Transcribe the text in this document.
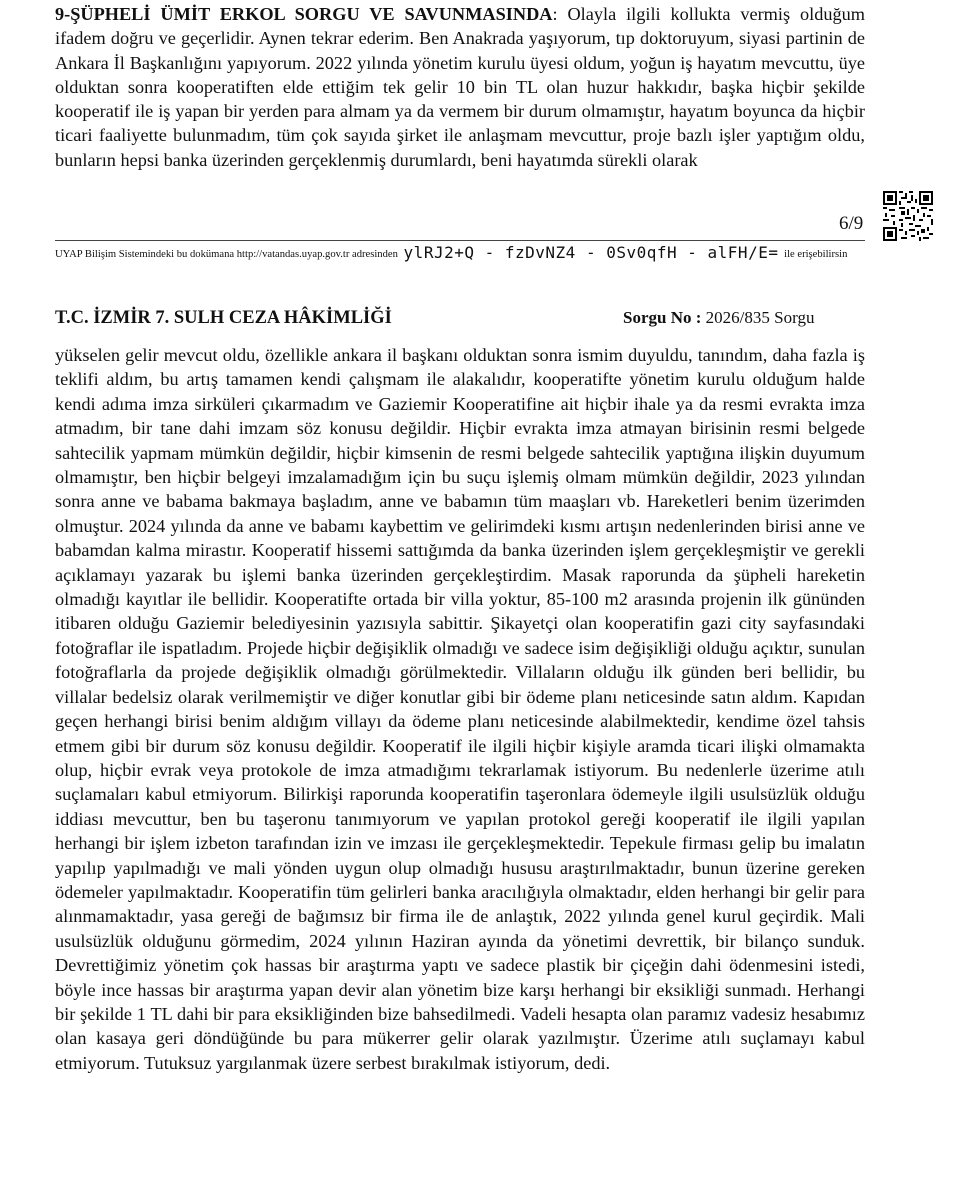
9-ŞÜPHELİ ÜMİT ERKOL SORGU VE SAVUNMASINDA: Olayla ilgili kollukta vermiş olduğum ifadem doğru ve geçerlidir. Aynen tekrar ederim. Ben Anakrada yaşıyorum, tıp doktoruyum, siyasi partinin de Ankara İl Başkanlığını yapıyorum. 2022 yılında yönetim kurulu üyesi oldum, yoğun iş hayatım mevcuttu, üye olduktan sonra kooperatiften elde ettiğim tek gelir 10 bin TL olan huzur hakkıdır, başka hiçbir şekilde kooperatif ile iş yapan bir yerden para almam ya da vermem bir durum olmamıştır, hayatım boyunca da hiçbir ticari faaliyette bulunmadım, tüm çok sayıda şirket ile anlaşmam mevcuttur, proje bazlı işler yaptığım oldu, bunların hepsi banka üzerinden gerçeklenmiş durumlardı, beni hayatımda sürekli olarak

6/9
UYAP Bilişim Sistemindeki bu dokümana http://vatandas.uyap.gov.tr adresinden ylRJ2+Q - fzDvNZ4 - 0Sv0qfH - alFH/E= ile erişebilirsin
T.C. İZMİR 7. SULH CEZA HÂKİMLİĞİ	Sorgu No : 2026/835 Sorgu

yükselen gelir mevcut oldu, özellikle ankara il başkanı olduktan sonra ismim duyuldu, tanındım, daha fazla iş teklifi aldım, bu artış tamamen kendi çalışmam ile alakalıdır, kooperatifte yönetim kurulu olduğum halde kendi adıma imza sirküleri çıkarmadım ve Gaziemir Kooperatifine ait hiçbir ihale ya da resmi evrakta imza atmadım, bir tane dahi imzam söz konusu değildir. Hiçbir evrakta imza atmayan birisinin resmi belgede sahtecilik yapmam mümkün değildir, hiçbir kimsenin de resmi belgede sahtecilik yaptığına ilişkin duyumum olmamıştır, ben hiçbir belgeyi imzalamadığım için bu suçu işlemiş olmam mümkün değildir, 2023 yılından sonra anne ve babama bakmaya başladım, anne ve babamın tüm maaşları vb. Hareketleri benim üzerimden olmuştur. 2024 yılında da anne ve babamı kaybettim ve gelirimdeki kısmı artışın nedenlerinden birisi anne ve babamdan kalma mirastır. Kooperatif hissemi sattığımda da banka üzerinden işlem gerçekleşmiştir ve gerekli açıklamayı yazarak bu işlemi banka üzerinden gerçekleştirdim. Masak raporunda da şüpheli hareketin olmadığı kayıtlar ile bellidir. Kooperatifte ortada bir villa yoktur, 85-100 m2 arasında projenin ilk gününden itibaren olduğu Gaziemir belediyesinin yazısıyla sabittir. Şikayetçi olan kooperatifin gazi city sayfasındaki fotoğraflar ile ispatladım. Projede hiçbir değişiklik olmadığı ve sadece isim değişikliği olduğu açıktır, sunulan fotoğraflarla da projede değişiklik olmadığı görülmektedir. Villaların olduğu ilk günden beri bellidir, bu villalar bedelsiz olarak verilmemiştir ve diğer konutlar gibi bir ödeme planı neticesinde satın aldım. Kapıdan geçen herhangi birisi benim aldığım villayı da ödeme planı neticesinde alabilmektedir, kendime özel tahsis etmem gibi bir durum söz konusu değildir. Kooperatif ile ilgili hiçbir kişiyle aramda ticari ilişki olmamakta olup, hiçbir evrak veya protokole de imza atmadığımı tekrarlamak istiyorum. Bu nedenlerle üzerime atılı suçlamaları kabul etmiyorum. Bilirkişi raporunda kooperatifin taşeronlara ödemeyle ilgili usulsüzlük olduğu iddiası mevcuttur, ben bu taşeronu tanımıyorum ve yapılan protokol gereği kooperatif ile ilgili yapılan herhangi bir işlem izbeton tarafından izin ve imzası ile gerçekleşmektedir. Tepekule firması gelip bu imalatın yapılıp yapılmadığı ve mali yönden uygun olup olmadığı hususu araştırılmaktadır, bunun üzerine gereken ödemeler yapılmaktadır. Kooperatifin tüm gelirleri banka aracılığıyla olmaktadır, elden herhangi bir gelir para alınmamaktadır, yasa gereği de bağımsız bir firma ile de anlaştık, 2022 yılında genel kurul geçirdik. Mali usulsüzlük olduğunu görmedim, 2024 yılının Haziran ayında da yönetimi devrettik, bir bilanço sunduk. Devrettiğimiz yönetim çok hassas bir araştırma yaptı ve sadece plastik bir çiçeğin dahi ödenmesini istedi, böyle ince hassas bir araştırma yapan devir alan yönetim bize karşı herhangi bir eksikliği sunmadı. Herhangi bir şekilde 1 TL dahi bir para eksikliğinden bize bahsedilmedi. Vadeli hesapta olan paramız vadesiz hesabımız olan kasaya geri döndüğünde bu para mükerrer gelir olarak yazılmıştır. Üzerime atılı suçlamayı kabul etmiyorum. Tutuksuz yargılanmak üzere serbest bırakılmak istiyorum, dedi.
